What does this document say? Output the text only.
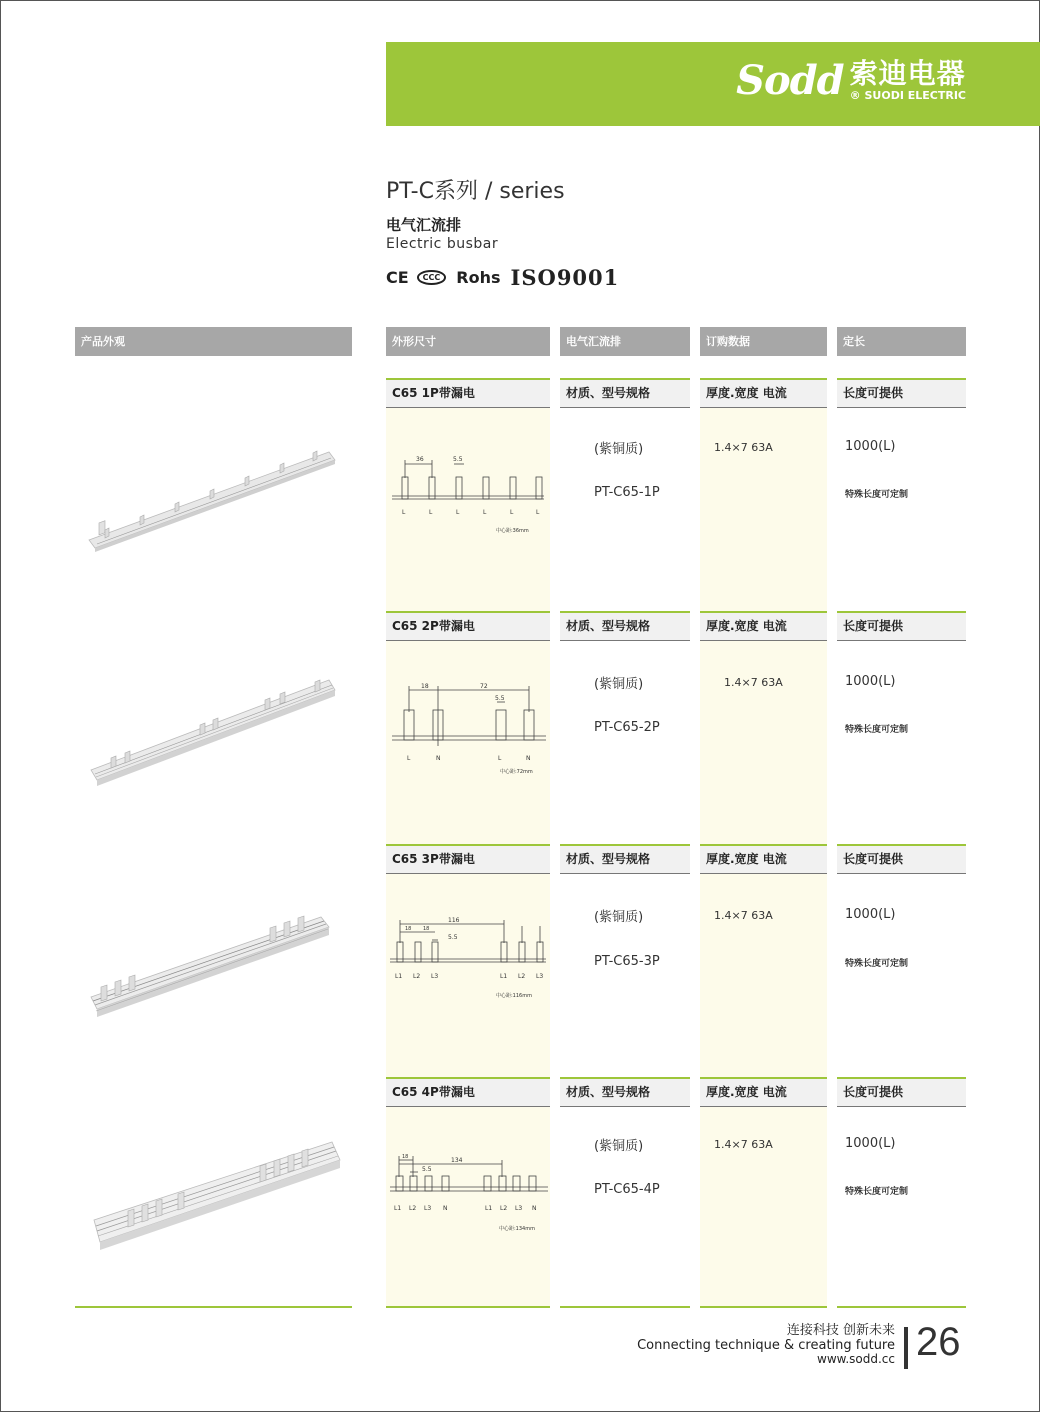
Sodd 索迪电器
® SUODI ELECTRIC
PT-C系列 / series
电气汇流排
Electric busbar
CE	CCC	Rohs ISO9001
产品外观	外形尺寸	电气汇流排	订购数据	定长
C65 1P带漏电	材质、型号规格	厚度.宽度 电流	长度可提供
(紫铜质)
PT-C65-1P
1.4×7 63A	1000(L)
特殊长度可定制
36	5.5
L	L	L	L	L	L
中心距:36mm
C65 2P带漏电	材质、型号规格	厚度.宽度 电流	长度可提供
(紫铜质)
PT-C65-2P
1.4×7 63A	1000(L)
特殊长度可定制
18	72
5.5
L	N	L	N
中心距:72mm
C65 3P带漏电	材质、型号规格	厚度.宽度 电流	长度可提供
(紫铜质)
PT-C65-3P
1.4×7 63A	1000(L)
特殊长度可定制
116
18 18
5.5
L1 L2 L3	L1 L2 L3
中心距:116mm
C65 4P带漏电	材质、型号规格	厚度.宽度 电流	长度可提供
(紫铜质)
PT-C65-4P
1.4×7 63A	1000(L)
特殊长度可定制
18
5.5
134
L1 L2 L3 N	L1 L2 L3 N
中心距:134mm
连接科技 创新未来
Connecting technique & creating future
www.sodd.cc 26
